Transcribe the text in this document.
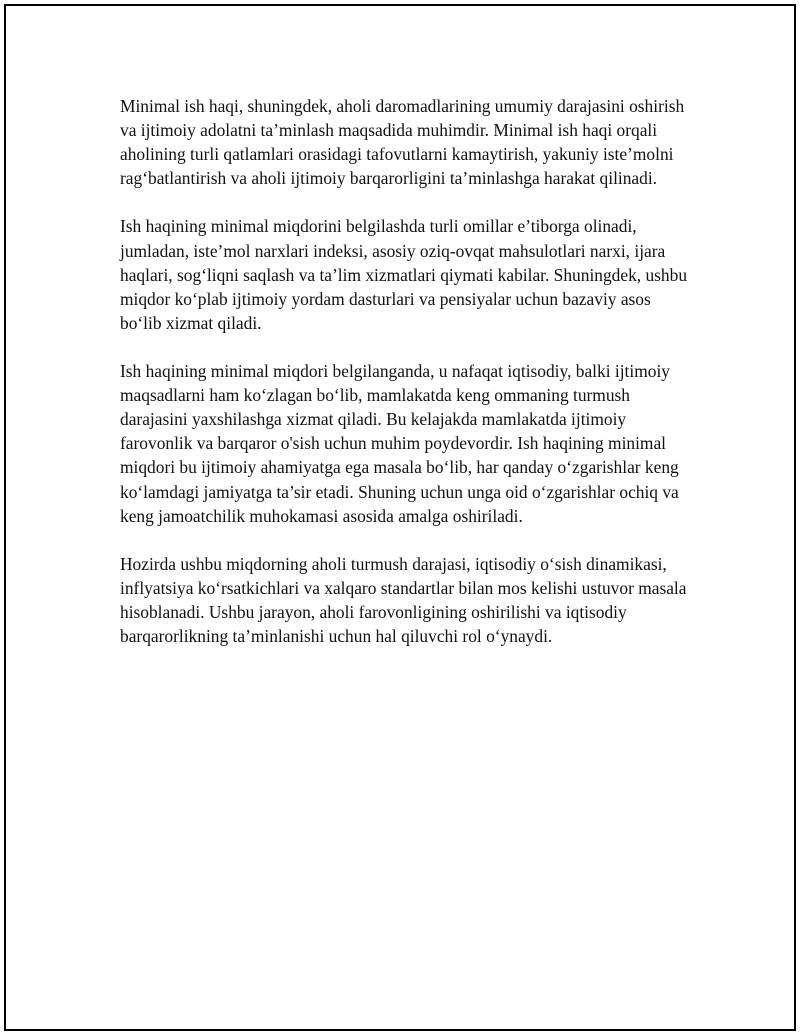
Minimal ish haqi, shuningdek, aholi daromadlarining umumiy darajasini oshirish va ijtimoiy adolatni ta’minlash maqsadida muhimdir. Minimal ish haqi orqali aholining turli qatlamlari orasidagi tafovutlarni kamaytirish, yakuniy iste’molni rag‘batlantirish va aholi ijtimoiy barqarorligini ta’minlashga harakat qilinadi.

Ish haqining minimal miqdorini belgilashda turli omillar e’tiborga olinadi, jumladan, iste’mol narxlari indeksi, asosiy oziq-ovqat mahsulotlari narxi, ijara haqlari, sog‘liqni saqlash va ta’lim xizmatlari qiymati kabilar. Shuningdek, ushbu miqdor ko‘plab ijtimoiy yordam dasturlari va pensiyalar uchun bazaviy asos bo‘lib xizmat qiladi.

Ish haqining minimal miqdori belgilanganda, u nafaqat iqtisodiy, balki ijtimoiy maqsadlarni ham ko‘zlagan bo‘lib, mamlakatda keng ommaning turmush darajasini yaxshilashga xizmat qiladi. Bu kelajakda mamlakatda ijtimoiy farovonlik va barqaror o'sish uchun muhim poydevordir. Ish haqining minimal miqdori bu ijtimoiy ahamiyatga ega masala bo‘lib, har qanday o‘zgarishlar keng ko‘lamdagi jamiyatga ta’sir etadi. Shuning uchun unga oid o‘zgarishlar ochiq va keng jamoatchilik muhokamasi asosida amalga oshiriladi.

Hozirda ushbu miqdorning aholi turmush darajasi, iqtisodiy o‘sish dinamikasi, inflyatsiya ko‘rsatkichlari va xalqaro standartlar bilan mos kelishi ustuvor masala hisoblanadi. Ushbu jarayon, aholi farovonligining oshirilishi va iqtisodiy barqarorlikning ta’minlanishi uchun hal qiluvchi rol o‘ynaydi.
